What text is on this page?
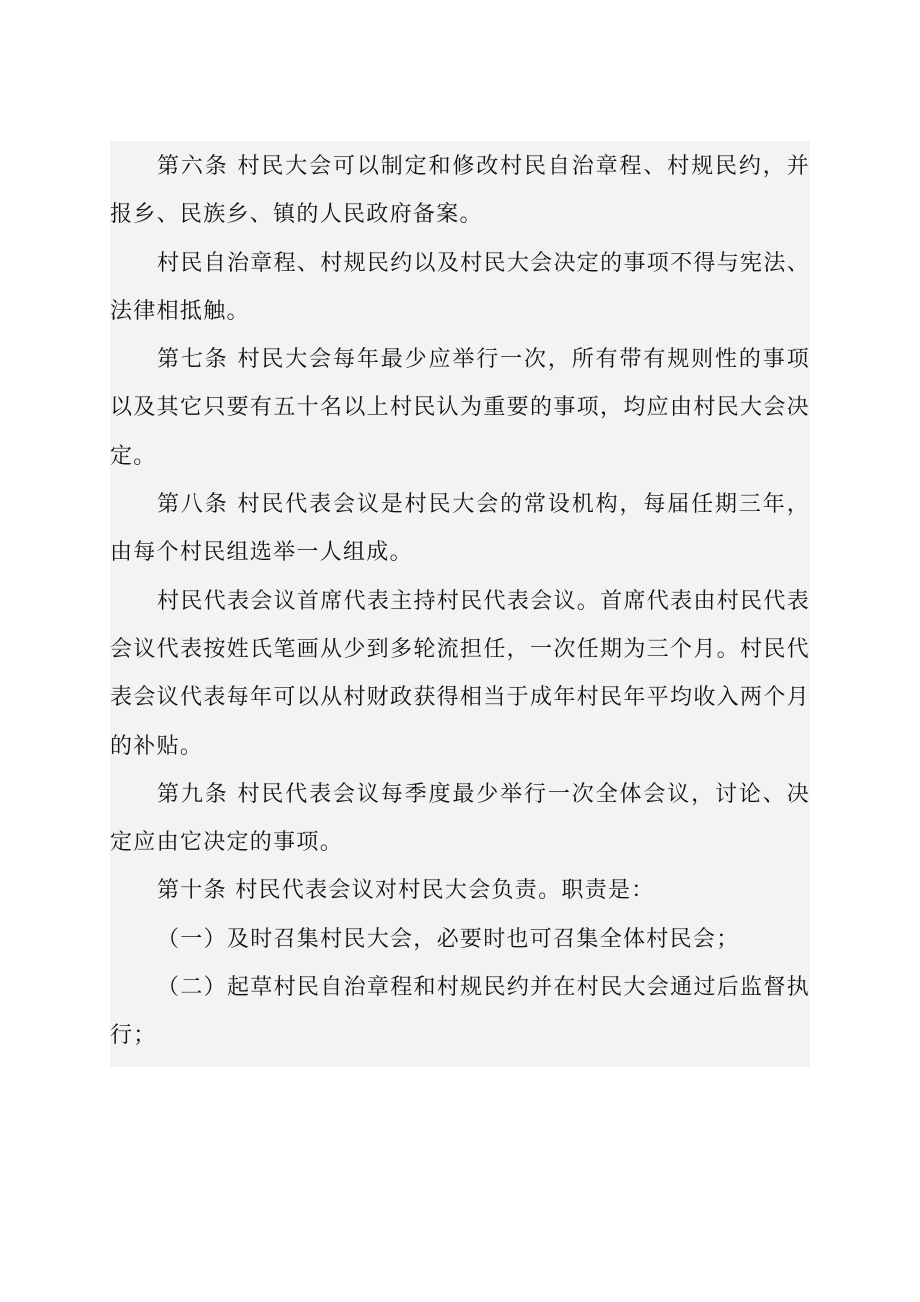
第六条 村民大会可以制定和修改村民自治章程、村规民约，并报乡、民族乡、镇的人民政府备案。

村民自治章程、村规民约以及村民大会决定的事项不得与宪法、法律相抵触。

第七条 村民大会每年最少应举行一次，所有带有规则性的事项以及其它只要有五十名以上村民认为重要的事项，均应由村民大会决定。

第八条 村民代表会议是村民大会的常设机构，每届任期三年，由每个村民组选举一人组成。

村民代表会议首席代表主持村民代表会议。首席代表由村民代表会议代表按姓氏笔画从少到多轮流担任，一次任期为三个月。村民代表会议代表每年可以从村财政获得相当于成年村民年平均收入两个月的补贴。

第九条 村民代表会议每季度最少举行一次全体会议，讨论、决定应由它决定的事项。

第十条 村民代表会议对村民大会负责。职责是：

（一）及时召集村民大会，必要时也可召集全体村民会；

（二）起草村民自治章程和村规民约并在村民大会通过后监督执行；
